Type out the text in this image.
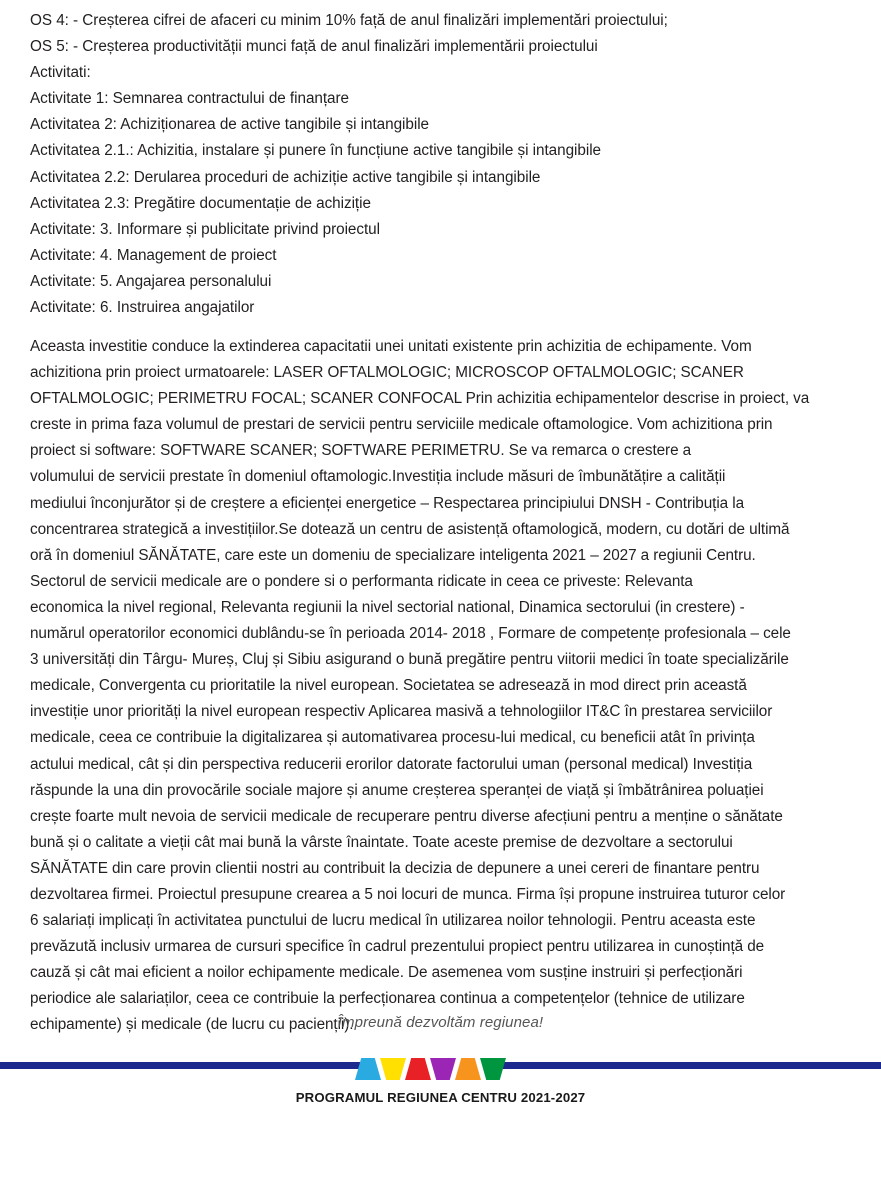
OS 4: - Creșterea cifrei de afaceri cu minim 10% față de anul finalizări implementări proiectului;
OS 5: - Creșterea productivității munci față de anul finalizări implementării proiectului
Activitati:
Activitate 1: Semnarea contractului de finanțare
Activitatea 2: Achiziționarea de active tangibile și intangibile
Activitatea 2.1.: Achizitia, instalare și punere în funcțiune active tangibile și intangibile
Activitatea 2.2: Derularea proceduri de achiziție active tangibile și intangibile
Activitatea 2.3: Pregătire documentație de achiziție
Activitate: 3. Informare și publicitate privind proiectul
Activitate: 4. Management de proiect
Activitate: 5. Angajarea personalului
Activitate: 6. Instruirea angajatilor
Aceasta investitie conduce la extinderea capacitatii unei unitati existente prin achizitia de echipamente. Vom
achizitiona prin proiect urmatoarele: LASER OFTALMOLOGIC; MICROSCOP OFTALMOLOGIC; SCANER
OFTALMOLOGIC; PERIMETRU FOCAL; SCANER CONFOCAL Prin achizitia echipamentelor descrise in proiect, va
creste in prima faza volumul de prestari de servicii pentru serviciile medicale oftamologice. Vom achizitiona prin
proiect si software: SOFTWARE SCANER; SOFTWARE PERIMETRU. Se va remarca o crestere a
volumului de servicii prestate în domeniul oftamologic.Investiția include măsuri de îmbunătățire a calității
mediului înconjurător și de creștere a eficienței energetice – Respectarea principiului DNSH - Contribuția la
concentrarea strategică a investițiilor.Se dotează un centru de asistență oftamologică, modern, cu dotări de ultimă
oră în domeniul SĂNĂTATE, care este un domeniu de specializare inteligenta 2021 – 2027 a regiunii Centru.
Sectorul de servicii medicale are o pondere si o performanta ridicate in ceea ce priveste: Relevanta
economica la nivel regional, Relevanta regiunii la nivel sectorial national, Dinamica sectorului (in crestere) -
numărul operatorilor economici dublându-se în perioada 2014- 2018 , Formare de competențe profesionala – cele
3 universități din Târgu- Mureș, Cluj și Sibiu asigurand o bună pregătire pentru viitorii medici în toate specializările
medicale, Convergenta cu prioritatile la nivel european. Societatea se adresează in mod direct prin această
investiție unor priorități la nivel european respectiv Aplicarea masivă a tehnologiilor IT&C în prestarea serviciilor
medicale, ceea ce contribuie la digitalizarea și automativarea procesu-lui medical, cu beneficii atât în privința
actului medical, cât și din perspectiva reducerii erorilor datorate factorului uman (personal medical) Investiția
răspunde la una din provocările sociale majore și anume creșterea speranței de viață și îmbătrânirea poluației
crește foarte mult nevoia de servicii medicale de recuperare pentru diverse afecțiuni pentru a menține o sănătate
bună și o calitate a vieții cât mai bună la vârste înaintate. Toate aceste premise de dezvoltare a sectorului
SĂNĂTATE din care provin clientii nostri au contribuit la decizia de depunere a unei cereri de finantare pentru
dezvoltarea firmei. Proiectul presupune crearea a 5 noi locuri de munca. Firma își propune instruirea tuturor celor
6 salariați implicați în activitatea punctului de lucru medical în utilizarea noilor tehnologii. Pentru aceasta este
prevăzută inclusiv urmarea de cursuri specifice în cadrul prezentului propiect pentru utilizarea in cunoștință de
cauză și cât mai eficient a noilor echipamente medicale. De asemenea vom susține instruiri și perfecționări
periodice ale salariaților, ceea ce contribuie la perfecționarea continua a competențelor (tehnice de utilizare
echipamente) și medicale (de lucru cu pacienții).
Împreună dezvoltăm regiunea!
PROGRAMUL REGIUNEA CENTRU 2021-2027
